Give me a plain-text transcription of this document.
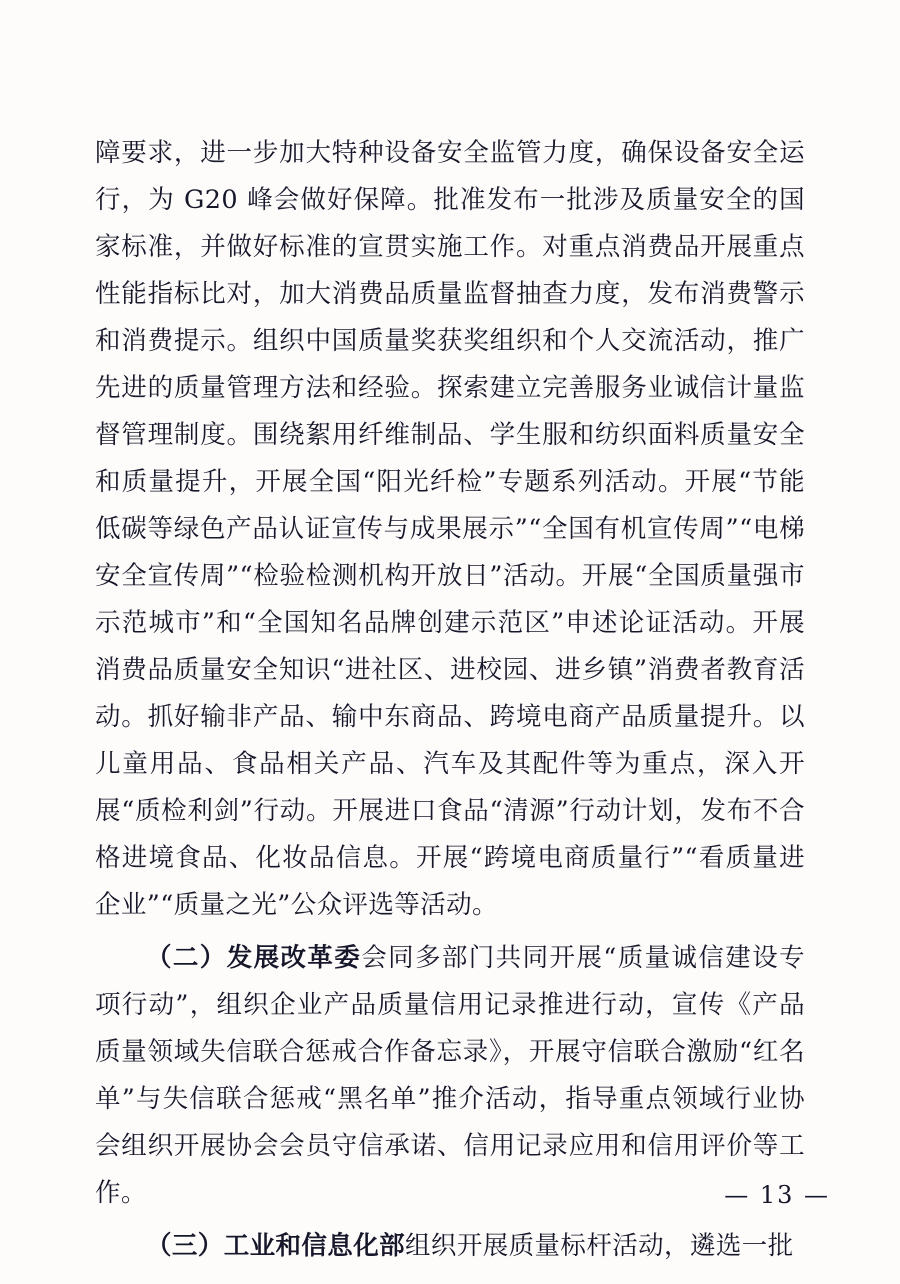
障要求，进一步加大特种设备安全监管力度，确保设备安全运行，为 G20 峰会做好保障。批准发布一批涉及质量安全的国家标准，并做好标准的宣贯实施工作。对重点消费品开展重点性能指标比对，加大消费品质量监督抽查力度，发布消费警示和消费提示。组织中国质量奖获奖组织和个人交流活动，推广先进的质量管理方法和经验。探索建立完善服务业诚信计量监督管理制度。围绕絮用纤维制品、学生服和纺织面料质量安全和质量提升，开展全国“阳光纤检”专题系列活动。开展“节能低碳等绿色产品认证宣传与成果展示”“全国有机宣传周”“电梯安全宣传周”“检验检测机构开放日”活动。开展“全国质量强市示范城市”和“全国知名品牌创建示范区”申述论证活动。开展消费品质量安全知识“进社区、进校园、进乡镇”消费者教育活动。抓好输非产品、输中东商品、跨境电商产品质量提升。以儿童用品、食品相关产品、汽车及其配件等为重点，深入开展“质检利剑”行动。开展进口食品“清源”行动计划，发布不合格进境食品、化妆品信息。开展“跨境电商质量行”“看质量进企业”“质量之光”公众评选等活动。

（二）发展改革委会同多部门共同开展“质量诚信建设专项行动”，组织企业产品质量信用记录推进行动，宣传《产品质量领域失信联合惩戒合作备忘录》，开展守信联合激励“红名单”与失信联合惩戒“黑名单”推介活动，指导重点领域行业协会组织开展协会会员守信承诺、信用记录应用和信用评价等工作。

（三）工业和信息化部组织开展质量标杆活动，遴选一批

— 13 —
